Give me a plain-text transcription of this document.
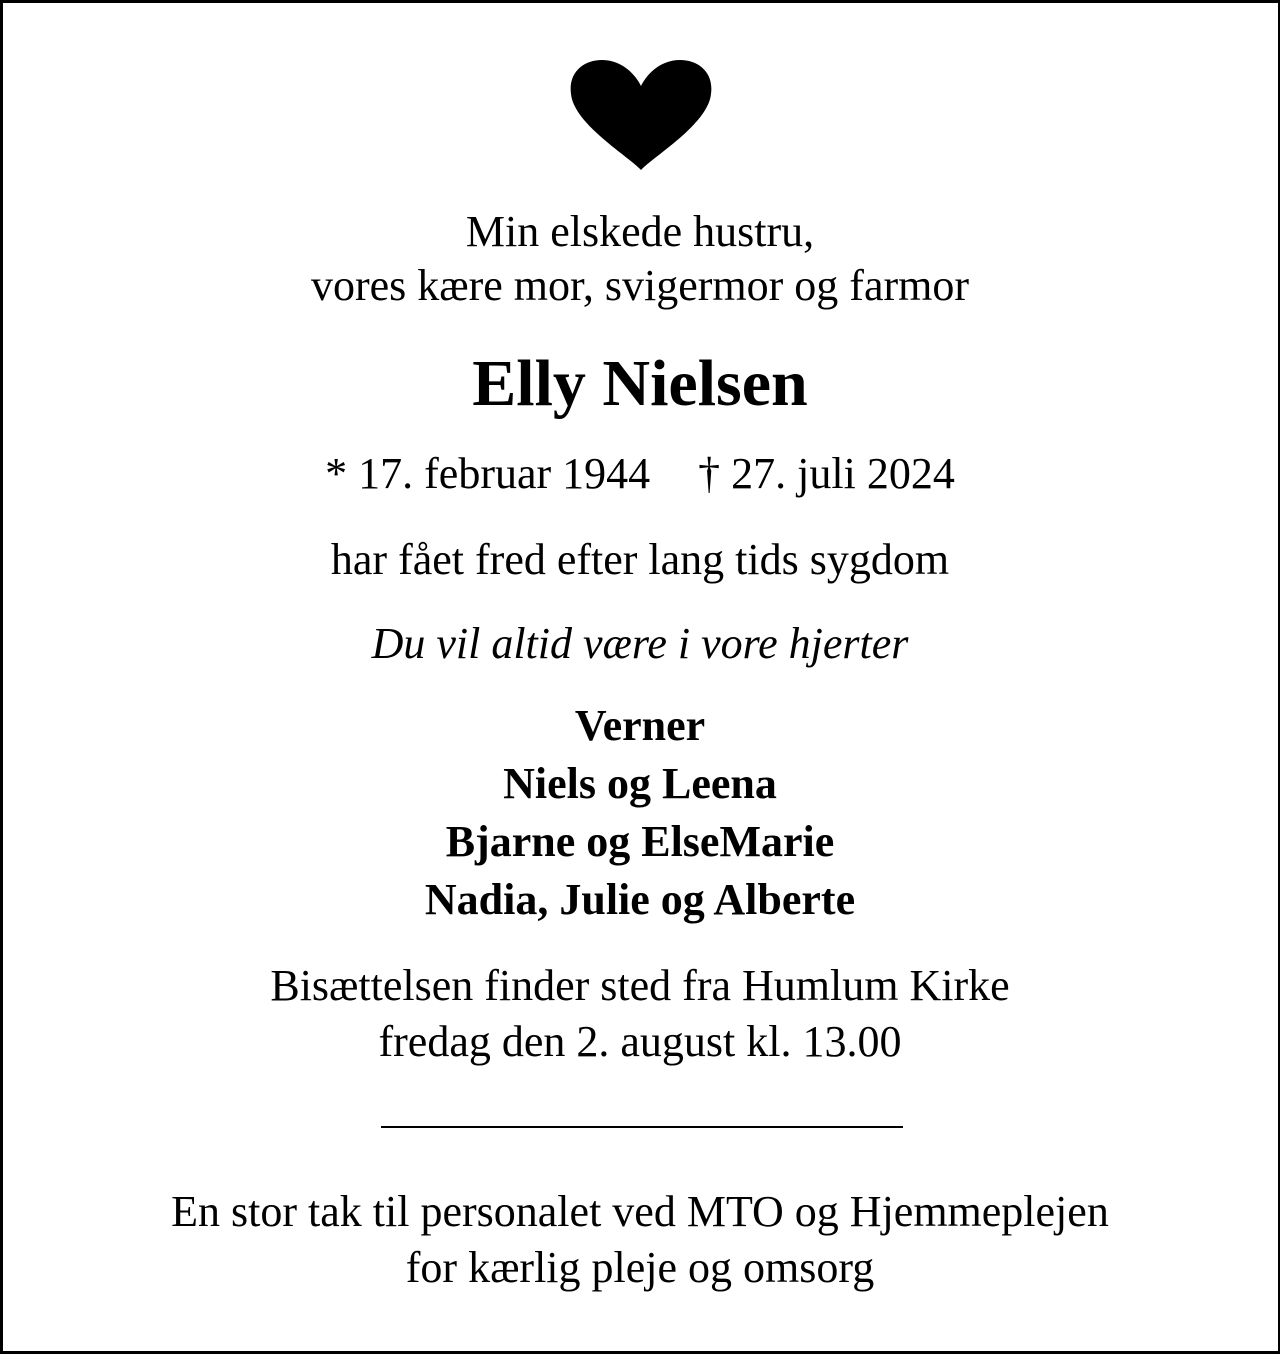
Min elskede hustru,

vores kære mor, svigermor og farmor

Elly Nielsen

* 17. februar 1944 † 27. juli 2024

har fået fred efter lang tids sygdom

Du vil altid være i vore hjerter

Verner

Niels og Leena

Bjarne og ElseMarie

Nadia, Julie og Alberte

Bisættelsen finder sted fra Humlum Kirke

fredag den 2. august kl. 13.00

En stor tak til personalet ved MTO og Hjemmeplejen

for kærlig pleje og omsorg
